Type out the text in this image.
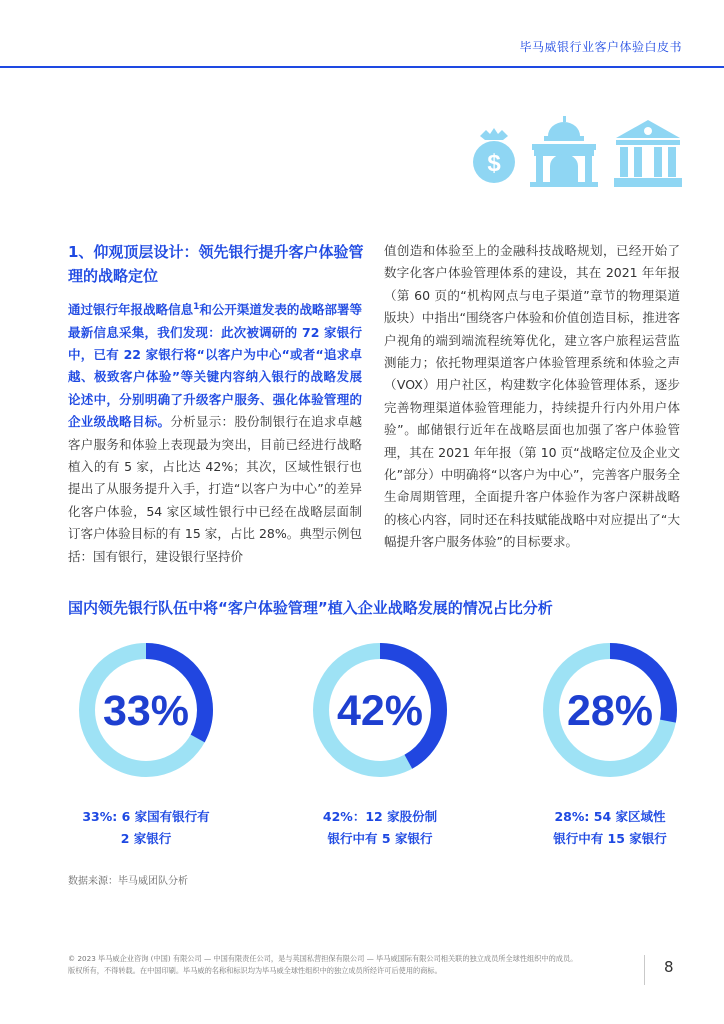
毕马威银行业客户体验白皮书
$
1、仰观顶层设计：领先银行提升客户体验管理的战略定位
通过银行年报战略信息$^1$和公开渠道发表的战略部署等最新信息采集，我们发现：此次被调研的 72 家银行中，已有 22 家银行将“以客户为中心“或者“追求卓越、极致客户体验”等关键内容纳入银行的战略发展论述中，分别明确了升级客户服务、强化体验管理的企业级战略目标。分析显示：股份制银行在追求卓越客户服务和体验上表现最为突出，目前已经进行战略植入的有 5 家，占比达 42%；其次，区域性银行也提出了从服务提升入手，打造“以客户为中心”的差异化客户体验，54 家区域性银行中已经在战略层面制订客户体验目标的有 15 家，占比 28%。典型示例包括：国有银行，建设银行坚持价
值创造和体验至上的金融科技战略规划，已经开始了数字化客户体验管理体系的建设，其在 2021 年年报（第 60 页的“机构网点与电子渠道”章节的物理渠道版块）中指出“围绕客户体验和价值创造目标，推进客户视角的端到端流程统筹优化，建立客户旅程运营监测能力；依托物理渠道客户体验管理系统和体验之声（VOX）用户社区，构建数字化体验管理体系，逐步完善物理渠道体验管理能力，持续提升行内外用户体验”。邮储银行近年在战略层面也加强了客户体验管理，其在 2021 年年报（第 10 页“战略定位及企业文化”部分）中明确将“以客户为中心”，完善客户服务全生命周期管理，全面提升客户体验作为客户深耕战略的核心内容，同时还在科技赋能战略中对应提出了“大幅提升客户服务体验”的目标要求。
国内领先银行队伍中将“客户体验管理”植入企业战略发展的情况占比分析
33%	42%	28%
33%: 6 家国有银行有
2 家银行
42%：12 家股份制
银行中有 5 家银行
28%: 54 家区域性
银行中有 15 家银行
数据来源：毕马威团队分析
© 2023 毕马威企业咨询 (中国) 有限公司 — 中国有限责任公司，是与英国私营担保有限公司 — 毕马威国际有限公司相关联的独立成员所全球性组织中的成员。
版权所有，不得转载。在中国印刷。毕马威的名称和标识均为毕马威全球性组织中的独立成员所经许可后使用的商标。	8
